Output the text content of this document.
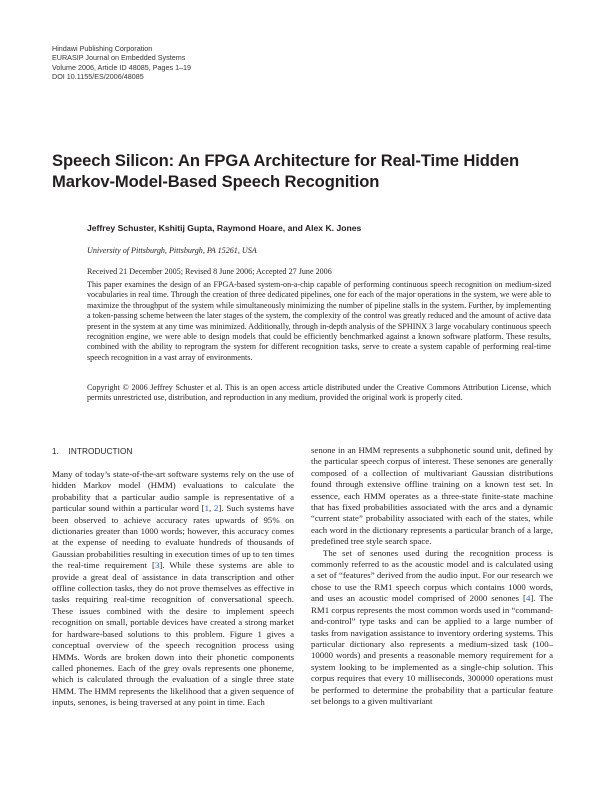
Hindawi Publishing Corporation
EURASIP Journal on Embedded Systems
Volume 2006, Article ID 48085, Pages 1–19
DOI 10.1155/ES/2006/48085
Speech Silicon: An FPGA Architecture for Real-Time Hidden Markov-Model-Based Speech Recognition
Jeffrey Schuster, Kshitij Gupta, Raymond Hoare, and Alex K. Jones
University of Pittsburgh, Pittsburgh, PA 15261, USA
Received 21 December 2005; Revised 8 June 2006; Accepted 27 June 2006
This paper examines the design of an FPGA-based system-on-a-chip capable of performing continuous speech recognition on medium-sized vocabularies in real time. Through the creation of three dedicated pipelines, one for each of the major operations in the system, we were able to maximize the throughput of the system while simultaneously minimizing the number of pipeline stalls in the system. Further, by implementing a token-passing scheme between the later stages of the system, the complexity of the control was greatly reduced and the amount of active data present in the system at any time was minimized. Additionally, through in-depth analysis of the SPHINX 3 large vocabulary continuous speech recognition engine, we were able to design models that could be efficiently benchmarked against a known software platform. These results, combined with the ability to reprogram the system for different recognition tasks, serve to create a system capable of performing real-time speech recognition in a vast array of environments.
Copyright © 2006 Jeffrey Schuster et al. This is an open access article distributed under the Creative Commons Attribution License, which permits unrestricted use, distribution, and reproduction in any medium, provided the original work is properly cited.
1. INTRODUCTION

Many of today’s state-of-the-art software systems rely on the use of hidden Markov model (HMM) evaluations to calculate the probability that a particular audio sample is representative of a particular sound within a particular word [1, 2]. Such systems have been observed to achieve accuracy rates upwards of 95% on dictionaries greater than 1000 words; however, this accuracy comes at the expense of needing to evaluate hundreds of thousands of Gaussian probabilities resulting in execution times of up to ten times the real-time requirement [3]. While these systems are able to provide a great deal of assistance in data transcription and other offline collection tasks, they do not prove themselves as effective in tasks requiring real-time recognition of conversational speech. These issues combined with the desire to implement speech recognition on small, portable devices have created a strong market for hardware-based solutions to this problem. Figure 1 gives a conceptual overview of the speech recognition process using HMMs. Words are broken down into their phonetic components called phonemes. Each of the grey ovals represents one phoneme, which is calculated through the evaluation of a single three state HMM. The HMM represents the likelihood that a given sequence of inputs, senones, is being traversed at any point in time. Each

senone in an HMM represents a subphonetic sound unit, defined by the particular speech corpus of interest. These senones are generally composed of a collection of multivariant Gaussian distributions found through extensive offline training on a known test set. In essence, each HMM operates as a three-state finite-state machine that has fixed probabilities associated with the arcs and a dynamic “current state” probability associated with each of the states, while each word in the dictionary represents a particular branch of a large, predefined tree style search space.

The set of senones used during the recognition process is commonly referred to as the acoustic model and is calculated using a set of “features” derived from the audio input. For our research we chose to use the RM1 speech corpus which contains 1000 words, and uses an acoustic model comprised of 2000 senones [4]. The RM1 corpus represents the most common words used in “command-and-control” type tasks and can be applied to a large number of tasks from navigation assistance to inventory ordering systems. This particular dictionary also represents a medium-sized task (100–10000 words) and presents a reasonable memory requirement for a system looking to be implemented as a single-chip solution. This corpus requires that every 10 milliseconds, 300000 operations must be performed to determine the probability that a particular feature set belongs to a given multivariant
